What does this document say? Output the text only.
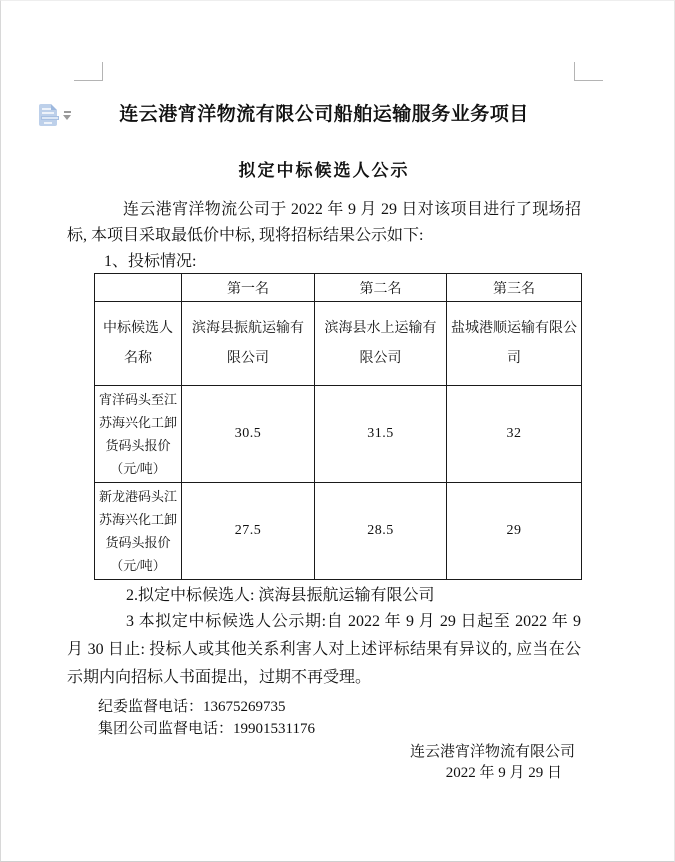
连云港宵洋物流有限公司船舶运输服务业务项目
拟定中标候选人公示
连云港宵洋物流公司于 2022 年 9 月 29 日对该项目进行了现场招标, 本项目采取最低价中标, 现将招标结果公示如下:
1、投标情况:
	第一名	第二名	第三名
中标候选人名称	滨海县振航运输有限公司	滨海县水上运输有限公司	盐城港顺运输有限公司
宵洋码头至江苏海兴化工卸货码头报价（元/吨）	30.5	31.5	32
新龙港码头江苏海兴化工卸货码头报价（元/吨）	27.5	28.5	29
2.拟定中标候选人: 滨海县振航运输有限公司
3 本拟定中标候选人公示期:自 2022 年 9 月 29 日起至 2022 年 9 月 30 日止: 投标人或其他关系利害人对上述评标结果有异议的, 应当在公示期内向招标人书面提出，过期不再受理。
纪委监督电话：13675269735
集团公司监督电话：19901531176
连云港宵洋物流有限公司
2022 年 9 月 29 日
